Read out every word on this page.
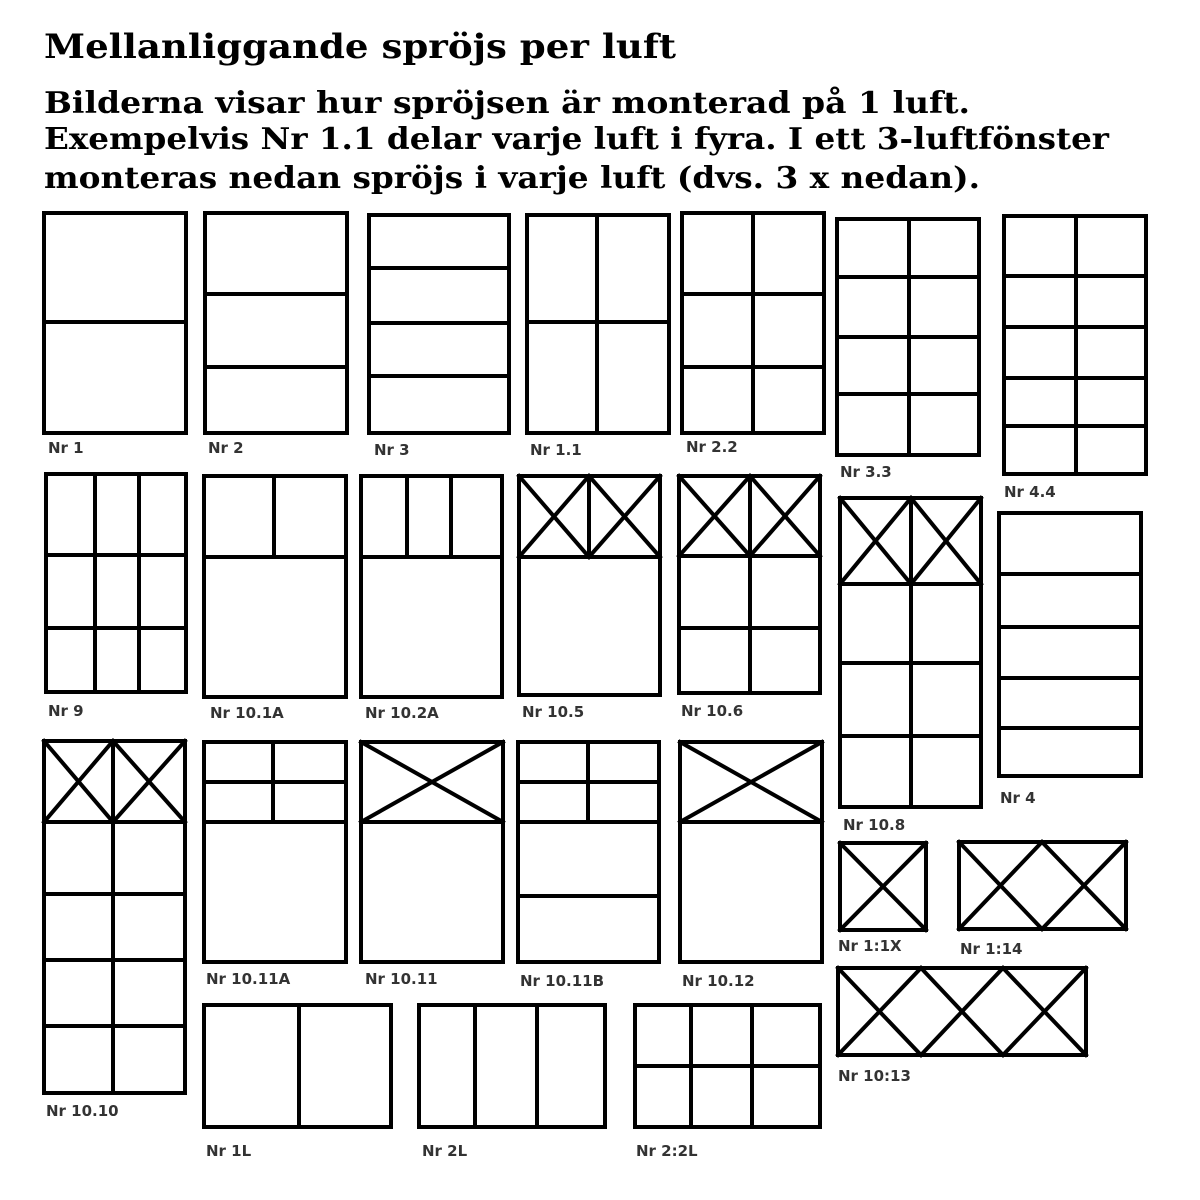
Mellanliggande spröjs per luft
Bilderna visar hur spröjsen är monterad på 1 luft.
Exempelvis Nr 1.1 delar varje luft i fyra. I ett 3-luftfönster
monteras nedan spröjs i varje luft (dvs. 3 x nedan).
Nr 1	Nr 2	Nr 3	Nr 1.1	Nr 2.2
Nr 3.3
Nr 4.4
Nr 9	Nr 10.1A	Nr 10.2A	Nr 10.5	Nr 10.6
Nr 10.8
Nr 4
Nr 10.10
Nr 10.11A	Nr 10.11	Nr 10.11B	Nr 10.12
Nr 1:1X	Nr 1:14
Nr 10:13
Nr 1L	Nr 2L	Nr 2:2L
